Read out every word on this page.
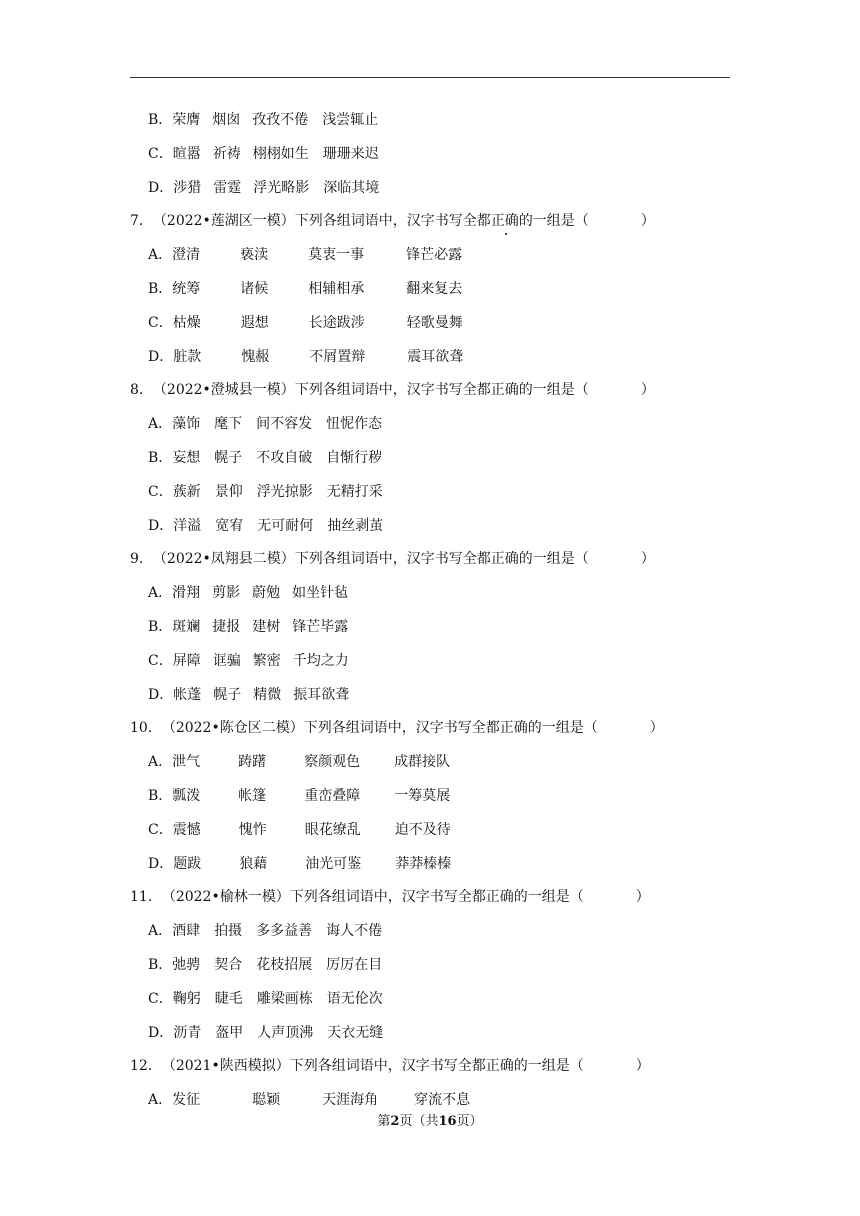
B．荣膺 烟囱 孜孜不倦 浅尝辄止
C．暄嚣 祈祷 栩栩如生 珊珊来迟
D．涉猎 雷霆 浮光略影 深临其境
7．（2022•莲湖区一模）下列各组词语中，汉字书写全都正确的一组是（	）
A．澄清	亵渎	莫衷一事	锋芒必露
B．统筹	诸候	相辅相承	翻来复去
C．枯燥	遐想	长途跋涉	轻歌曼舞
D．脏款	愧赧	不屑置辩	震耳欲聋
8．（2022•澄城县一模）下列各组词语中，汉字书写全都正确的一组是（	）
A．藻饰 麾下 间不容发 忸怩作态
B．妄想 幌子 不攻自破 自惭行秽
C．蔟新 景仰 浮光掠影 无精打采
D．洋溢 宽宥 无可耐何 抽丝剥茧
9．（2022•凤翔县二模）下列各组词语中，汉字书写全都正确的一组是（	）
A．滑翔 剪影 蔚勉 如坐针毡
B．斑斓 捷报 建树 锋芒毕露
C．屏障 诓骗 繁密 千均之力
D．帐蓬 幌子 精微 振耳欲聋
10．（2022•陈仓区二模）下列各组词语中，汉字书写全都正确的一组是（	）
A．泄气	踌躇	察颜观色 成群接队
B．瓢泼	帐篷	重峦叠障 一筹莫展
C．震憾	愧怍	眼花缭乱 迫不及待
D．题跋	狼藉	油光可鉴 莽莽榛榛
11．（2022•榆林一模）下列各组词语中，汉字书写全都正确的一组是（	）
A．酒肆 拍摄 多多益善 诲人不倦
B．弛骋 契合 花枝招展 厉厉在目
C．鞠躬 睫毛 雕梁画栋 语无伦次
D．沥青 盔甲 人声顶沸 天衣无缝
12．（2021•陕西模拟）下列各组词语中，汉字书写全都正确的一组是（	）
A．发征	聪颖	天涯海角	穿流不息
第2页（共16页）
